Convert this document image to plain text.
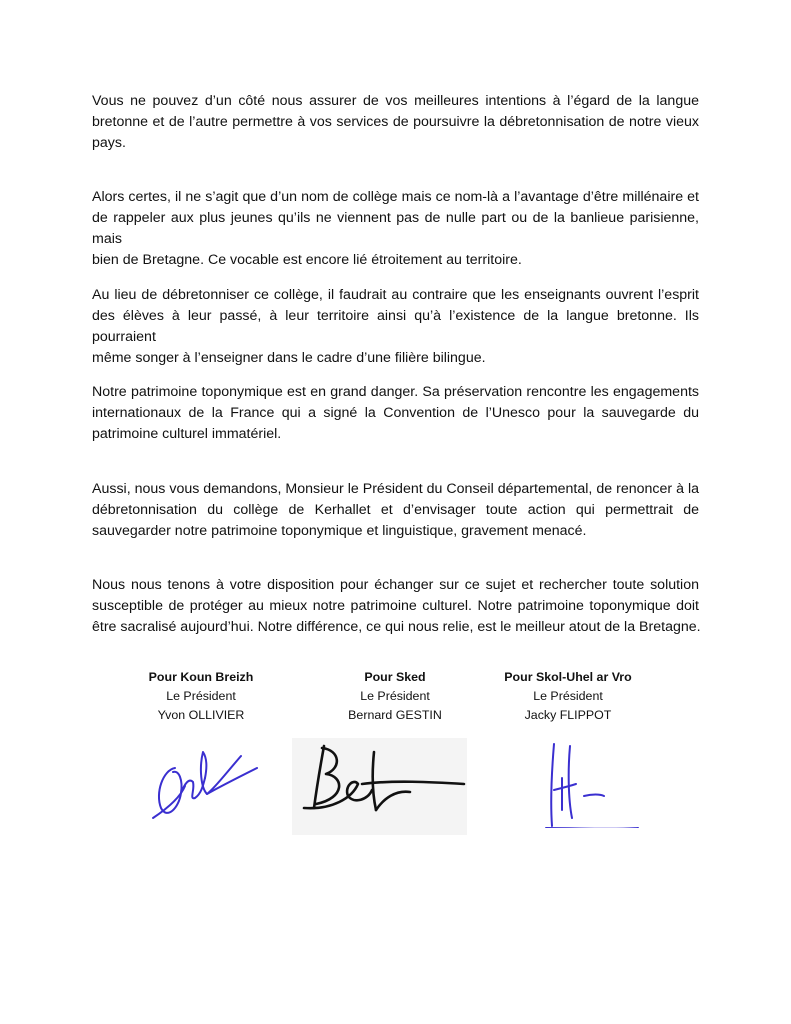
Vous ne pouvez d’un côté nous assurer de vos meilleures intentions à l’égard de la langue
bretonne et de l’autre permettre à vos services de poursuivre la débretonnisation de notre vieux
pays.

Alors certes, il ne s’agit que d’un nom de collège mais ce nom-là a l’avantage d’être millénaire et
de rappeler aux plus jeunes qu’ils ne viennent pas de nulle part ou de la banlieue parisienne, mais
bien de Bretagne. Ce vocable est encore lié étroitement au territoire.

Au lieu de débretonniser ce collège, il faudrait au contraire que les enseignants ouvrent l’esprit
des élèves à leur passé, à leur territoire ainsi qu’à l’existence de la langue bretonne. Ils pourraient
même songer à l’enseigner dans le cadre d’une filière bilingue.

Notre patrimoine toponymique est en grand danger. Sa préservation rencontre les engagements
internationaux de la France qui a signé la Convention de l’Unesco pour la sauvegarde du
patrimoine culturel immatériel.

Aussi, nous vous demandons, Monsieur le Président du Conseil départemental, de renoncer à la
débretonnisation du collège de Kerhallet et d’envisager toute action qui permettrait de
sauvegarder notre patrimoine toponymique et linguistique, gravement menacé.

Nous nous tenons à votre disposition pour échanger sur ce sujet et rechercher toute solution
susceptible de protéger au mieux notre patrimoine culturel. Notre patrimoine toponymique doit
être sacralisé aujourd’hui. Notre différence, ce qui nous relie, est le meilleur atout de la Bretagne.

Pour Koun Breizh
Le Président
Yvon OLLIVIER
Pour Sked
Le Président
Bernard GESTIN
Pour Skol-Uhel ar Vro
Le Président
Jacky FLIPPOT
